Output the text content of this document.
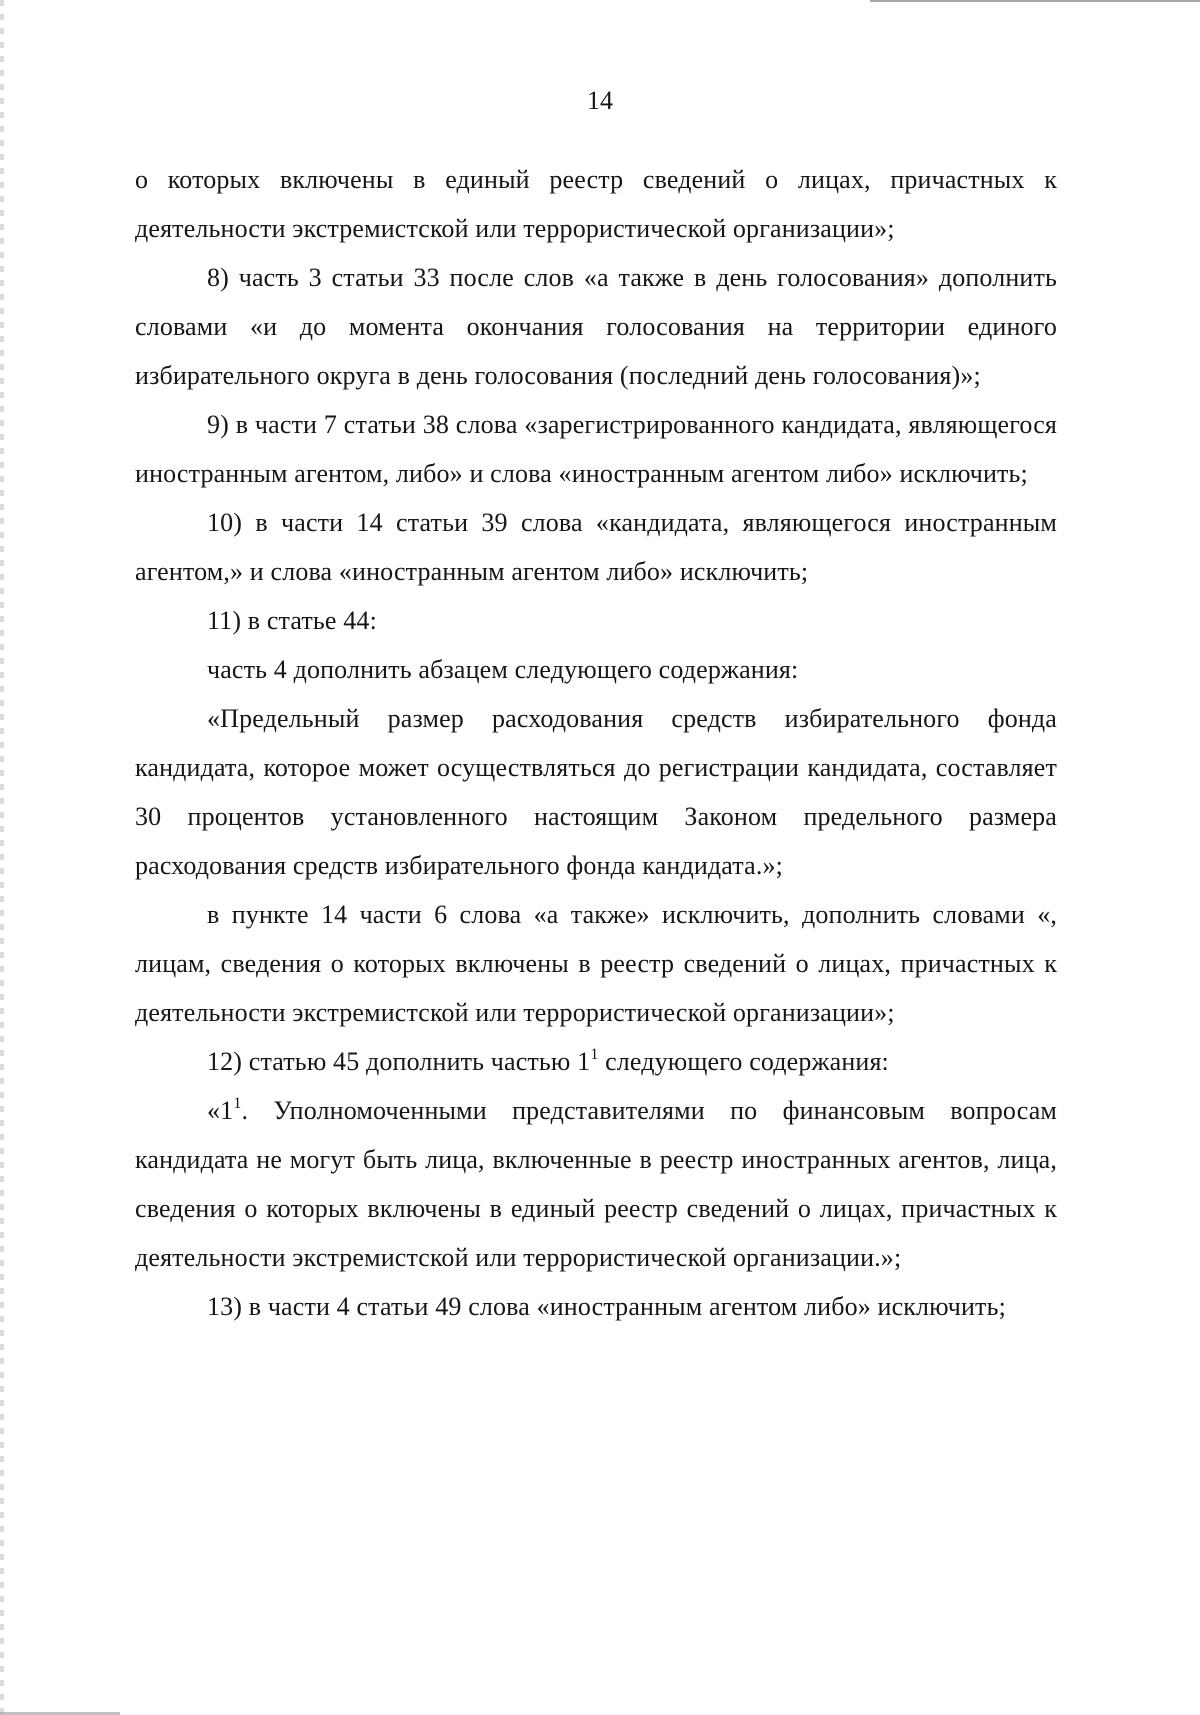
14

о которых включены в единый реестр сведений о лицах, причастных к деятельности экстремистской или террористической организации»;

8) часть 3 статьи 33 после слов «а также в день голосования» дополнить словами «и до момента окончания голосования на территории единого избирательного округа в день голосования (последний день голосования)»;

9) в части 7 статьи 38 слова «зарегистрированного кандидата, являющегося иностранным агентом, либо» и слова «иностранным агентом либо» исключить;

10) в части 14 статьи 39 слова «кандидата, являющегося иностранным агентом,» и слова «иностранным агентом либо» исключить;

11) в статье 44:

часть 4 дополнить абзацем следующего содержания:

«Предельный размер расходования средств избирательного фонда кандидата, которое может осуществляться до регистрации кандидата, составляет 30 процентов установленного настоящим Законом предельного размера расходования средств избирательного фонда кандидата.»;

в пункте 14 части 6 слова «а также» исключить, дополнить словами «, лицам, сведения о которых включены в реестр сведений о лицах, причастных к деятельности экстремистской или террористической организации»;

12) статью 45 дополнить частью $1^1$ следующего содержания:

«$1^1$. Уполномоченными представителями по финансовым вопросам кандидата не могут быть лица, включенные в реестр иностранных агентов, лица, сведения о которых включены в единый реестр сведений о лицах, причастных к деятельности экстремистской или террористической организации.»;

13) в части 4 статьи 49 слова «иностранным агентом либо» исключить;
